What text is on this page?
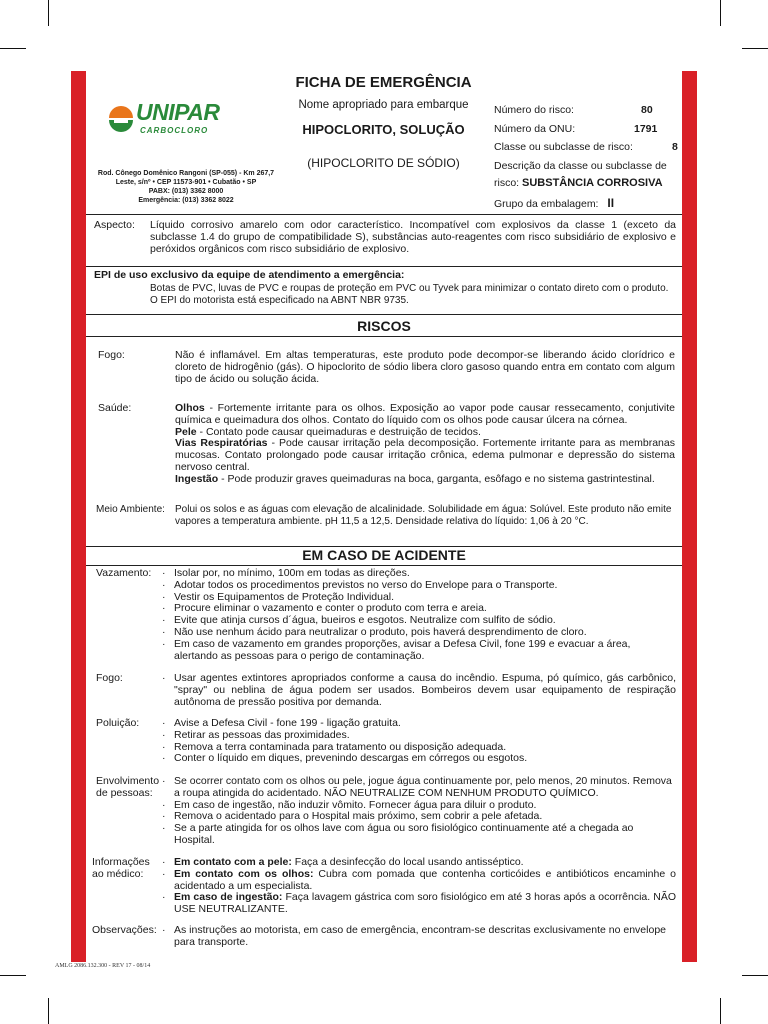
FICHA DE EMERGÊNCIA
Nome apropriado para embarque
HIPOCLORITO, SOLUÇÃO
(HIPOCLORITO DE SÓDIO)
UNIPAR
CARBOCLORO
Rod. Cônego Domênico Rangoni (SP-055) - Km 267,7
Leste, s/nº • CEP 11573-901 • Cubatão • SP
PABX: (013) 3362 8000
Emergência: (013) 3362 8022
Número do risco:	80
Número da ONU:	1791
Classe ou subclasse de risco:	8
Descrição da classe ou subclasse de
risco: SUBSTÂNCIA CORROSIVA
Grupo da embalagem: II
Aspecto: Líquido corrosivo amarelo com odor característico. Incompatível com explosivos da classe 1 (exceto da subclasse 1.4 do grupo de compatibilidade S), substâncias auto-reagentes com risco subsidiário de explosivo e peróxidos orgânicos com risco subsidiário de explosivo.
EPI de uso exclusivo da equipe de atendimento a emergência:
Botas de PVC, luvas de PVC e roupas de proteção em PVC ou Tyvek para minimizar o contato direto com o produto.
O EPI do motorista está especificado na ABNT NBR 9735.
RISCOS
Fogo:	Não é inflamável. Em altas temperaturas, este produto pode decompor-se liberando ácido clorídrico e cloreto de hidrogênio (gás). O hipoclorito de sódio libera cloro gasoso quando entra em contato com algum tipo de ácido ou solução ácida.
Saúde:	Olhos - Fortemente irritante para os olhos. Exposição ao vapor pode causar ressecamento, conjutivite química e queimadura dos olhos. Contato do líquido com os olhos pode causar úlcera na córnea.
Pele - Contato pode causar queimaduras e destruição de tecidos.
Vias Respiratórias - Pode causar irritação pela decomposição. Fortemente irritante para as membranas mucosas. Contato prolongado pode causar irritação crônica, edema pulmonar e depressão do sistema nervoso central.
Ingestão - Pode produzir graves queimaduras na boca, garganta, esôfago e no sistema gastrintestinal.
Meio Ambiente: Polui os solos e as águas com elevação de alcalinidade. Solubilidade em água: Solúvel. Este produto não emite vapores a temperatura ambiente. pH 11,5 a 12,5. Densidade relativa do líquido: 1,06 à 20 °C.
EM CASO DE ACIDENTE
Vazamento:	· Isolar por, no mínimo, 100m em todas as direções.
· Adotar todos os procedimentos previstos no verso do Envelope para o Transporte.
· Vestir os Equipamentos de Proteção Individual.
· Procure eliminar o vazamento e conter o produto com terra e areia.
· Evite que atinja cursos d´água, bueiros e esgotos. Neutralize com sulfito de sódio.
· Não use nenhum ácido para neutralizar o produto, pois haverá desprendimento de cloro.
· Em caso de vazamento em grandes proporções, avisar a Defesa Civil, fone 199 e evacuar a área, alertando as pessoas para o perigo de contaminação.
Fogo:	· Usar agentes extintores apropriados conforme a causa do incêndio. Espuma, pó químico, gás carbônico, "spray" ou neblina de água podem ser usados. Bombeiros devem usar equipamento de respiração autônoma de pressão positiva por demanda.
Poluição:	· Avise a Defesa Civil - fone 199 - ligação gratuita.
· Retirar as pessoas das proximidades.
· Remova a terra contaminada para tratamento ou disposição adequada.
· Conter o líquido em diques, prevenindo descargas em córregos ou esgotos.
Envolvimento
de pessoas:
· Se ocorrer contato com os olhos ou pele, jogue água continuamente por, pelo menos, 20 minutos. Remova a roupa atingida do acidentado. NÃO NEUTRALIZE COM NENHUM PRODUTO QUÍMICO.
· Em caso de ingestão, não induzir vômito. Fornecer água para diluir o produto.
· Remova o acidentado para o Hospital mais próximo, sem cobrir a pele afetada.
· Se a parte atingida for os olhos lave com água ou soro fisiológico continuamente até a chegada ao Hospital.
Informações
ao médico:
· Em contato com a pele: Faça a desinfecção do local usando antisséptico.
· Em contato com os olhos: Cubra com pomada que contenha corticóides e antibióticos encaminhe o acidentado a um especialista.
· Em caso de ingestão: Faça lavagem gástrica com soro fisiológico em até 3 horas após a ocorrência. NÃO USE NEUTRALIZANTE.
Observações:	· As instruções ao motorista, em caso de emergência, encontram-se descritas exclusivamente no envelope para transporte.
AMLG 2086.132.300 - REV 17 - 08/14
